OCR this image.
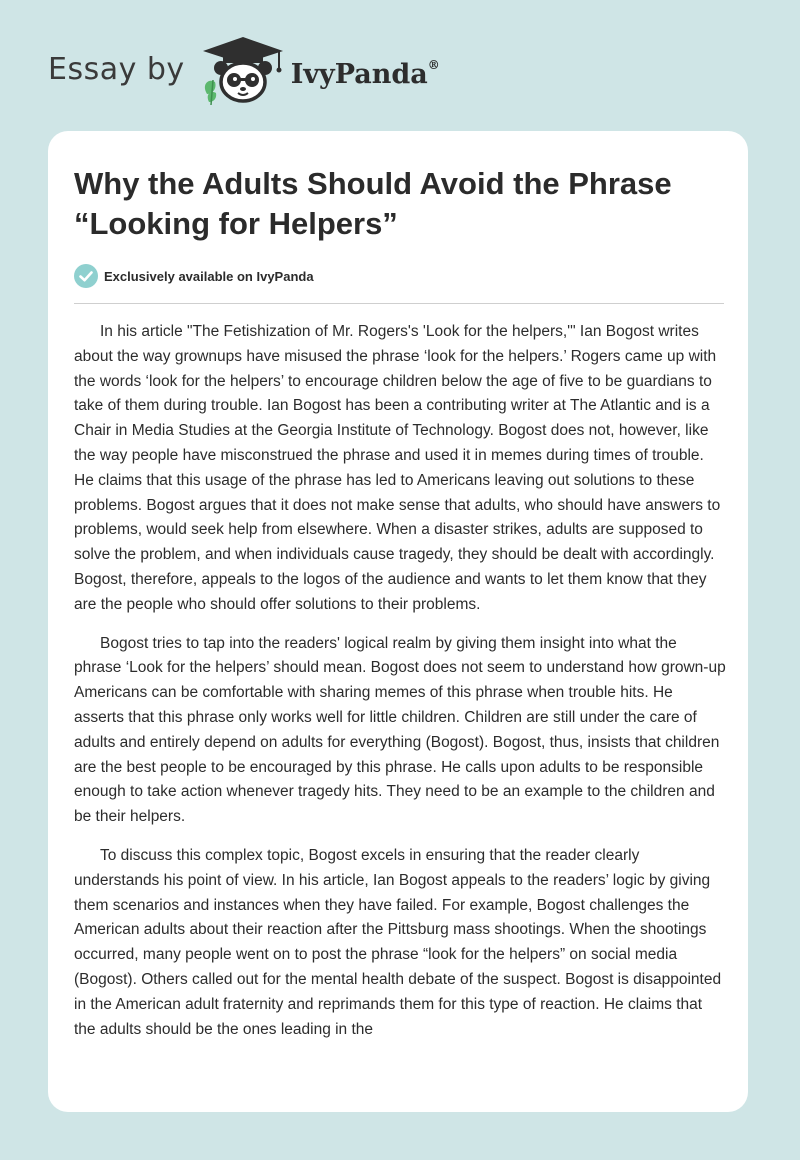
Essay by	IvyPanda®
Why the Adults Should Avoid the Phrase “Looking for Helpers”
Exclusively available on IvyPanda

In his article "The Fetishization of Mr. Rogers's 'Look for the helpers,'" Ian Bogost writes about the way grownups have misused the phrase ‘look for the helpers.’ Rogers came up with the words ‘look for the helpers’ to encourage children below the age of five to be guardians to take of them during trouble. Ian Bogost has been a contributing writer at The Atlantic and is a Chair in Media Studies at the Georgia Institute of Technology. Bogost does not, however, like the way people have misconstrued the phrase and used it in memes during times of trouble. He claims that this usage of the phrase has led to Americans leaving out solutions to these problems. Bogost argues that it does not make sense that adults, who should have answers to problems, would seek help from elsewhere. When a disaster strikes, adults are supposed to solve the problem, and when individuals cause tragedy, they should be dealt with accordingly. Bogost, therefore, appeals to the logos of the audience and wants to let them know that they are the people who should offer solutions to their problems.

Bogost tries to tap into the readers' logical realm by giving them insight into what the phrase ‘Look for the helpers’ should mean. Bogost does not seem to understand how grown-up Americans can be comfortable with sharing memes of this phrase when trouble hits. He asserts that this phrase only works well for little children. Children are still under the care of adults and entirely depend on adults for everything (Bogost). Bogost, thus, insists that children are the best people to be encouraged by this phrase. He calls upon adults to be responsible enough to take action whenever tragedy hits. They need to be an example to the children and be their helpers.

To discuss this complex topic, Bogost excels in ensuring that the reader clearly understands his point of view. In his article, Ian Bogost appeals to the readers’ logic by giving them scenarios and instances when they have failed. For example, Bogost challenges the American adults about their reaction after the Pittsburg mass shootings. When the shootings occurred, many people went on to post the phrase “look for the helpers” on social media (Bogost). Others called out for the mental health debate of the suspect. Bogost is disappointed in the American adult fraternity and reprimands them for this type of reaction. He claims that the adults should be the ones leading in the
